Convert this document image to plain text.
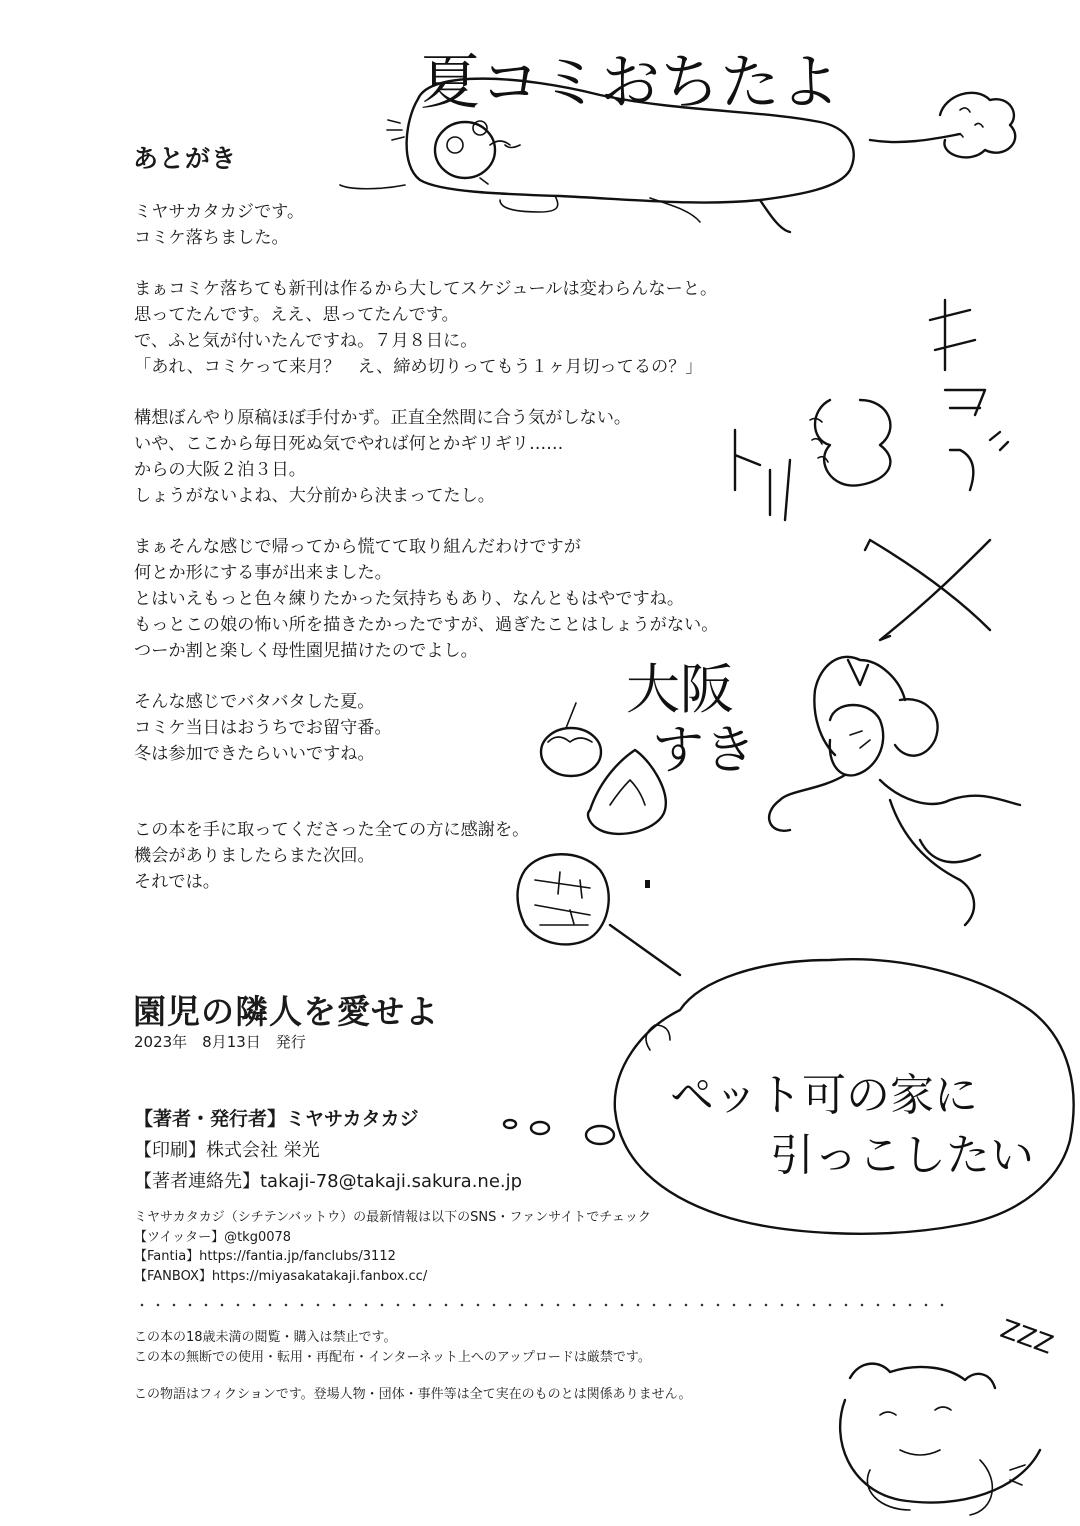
夏コミおちたよ
大阪
すき
ペット可の家に
引っこしたい
ZZZ
あとがき

ミヤサカタカジです。
コミケ落ちました。

まぁコミケ落ちても新刊は作るから大してスケジュールは変わらんなーと。
思ってたんです。ええ、思ってたんです。
で、ふと気が付いたんですね。７月８日に。
「あれ、コミケって来月？　え、締め切りってもう１ヶ月切ってるの？」

構想ぼんやり原稿ほぼ手付かず。正直全然間に合う気がしない。
いや、ここから毎日死ぬ気でやれば何とかギリギリ……
からの大阪２泊３日。
しょうがないよね、大分前から決まってたし。

まぁそんな感じで帰ってから慌てて取り組んだわけですが
何とか形にする事が出来ました。
とはいえもっと色々練りたかった気持ちもあり、なんともはやですね。
もっとこの娘の怖い所を描きたかったですが、過ぎたことはしょうがない。
つーか割と楽しく母性園児描けたのでよし。

そんな感じでバタバタした夏。
コミケ当日はおうちでお留守番。
冬は参加できたらいいですね。

この本を手に取ってくださった全ての方に感謝を。
機会がありましたらまた次回。
それでは。

園児の隣人を愛せよ
2023年　8月13日　発行
【著者・発行者】ミヤサカタカジ
【印刷】株式会社 栄光
【著者連絡先】takaji-78@takaji.sakura.ne.jp
ミヤサカタカジ（シチテンバットウ）の最新情報は以下のSNS・ファンサイトでチェック
【ツイッター】@tkg0078
【Fantia】https://fantia.jp/fanclubs/3112
【FANBOX】https://miyasakatakaji.fanbox.cc/
この本の18歳未満の閲覧・購入は禁止です。
この本の無断での使用・転用・再配布・インターネット上へのアップロードは厳禁です。
この物語はフィクションです。登場人物・団体・事件等は全て実在のものとは関係ありません。
